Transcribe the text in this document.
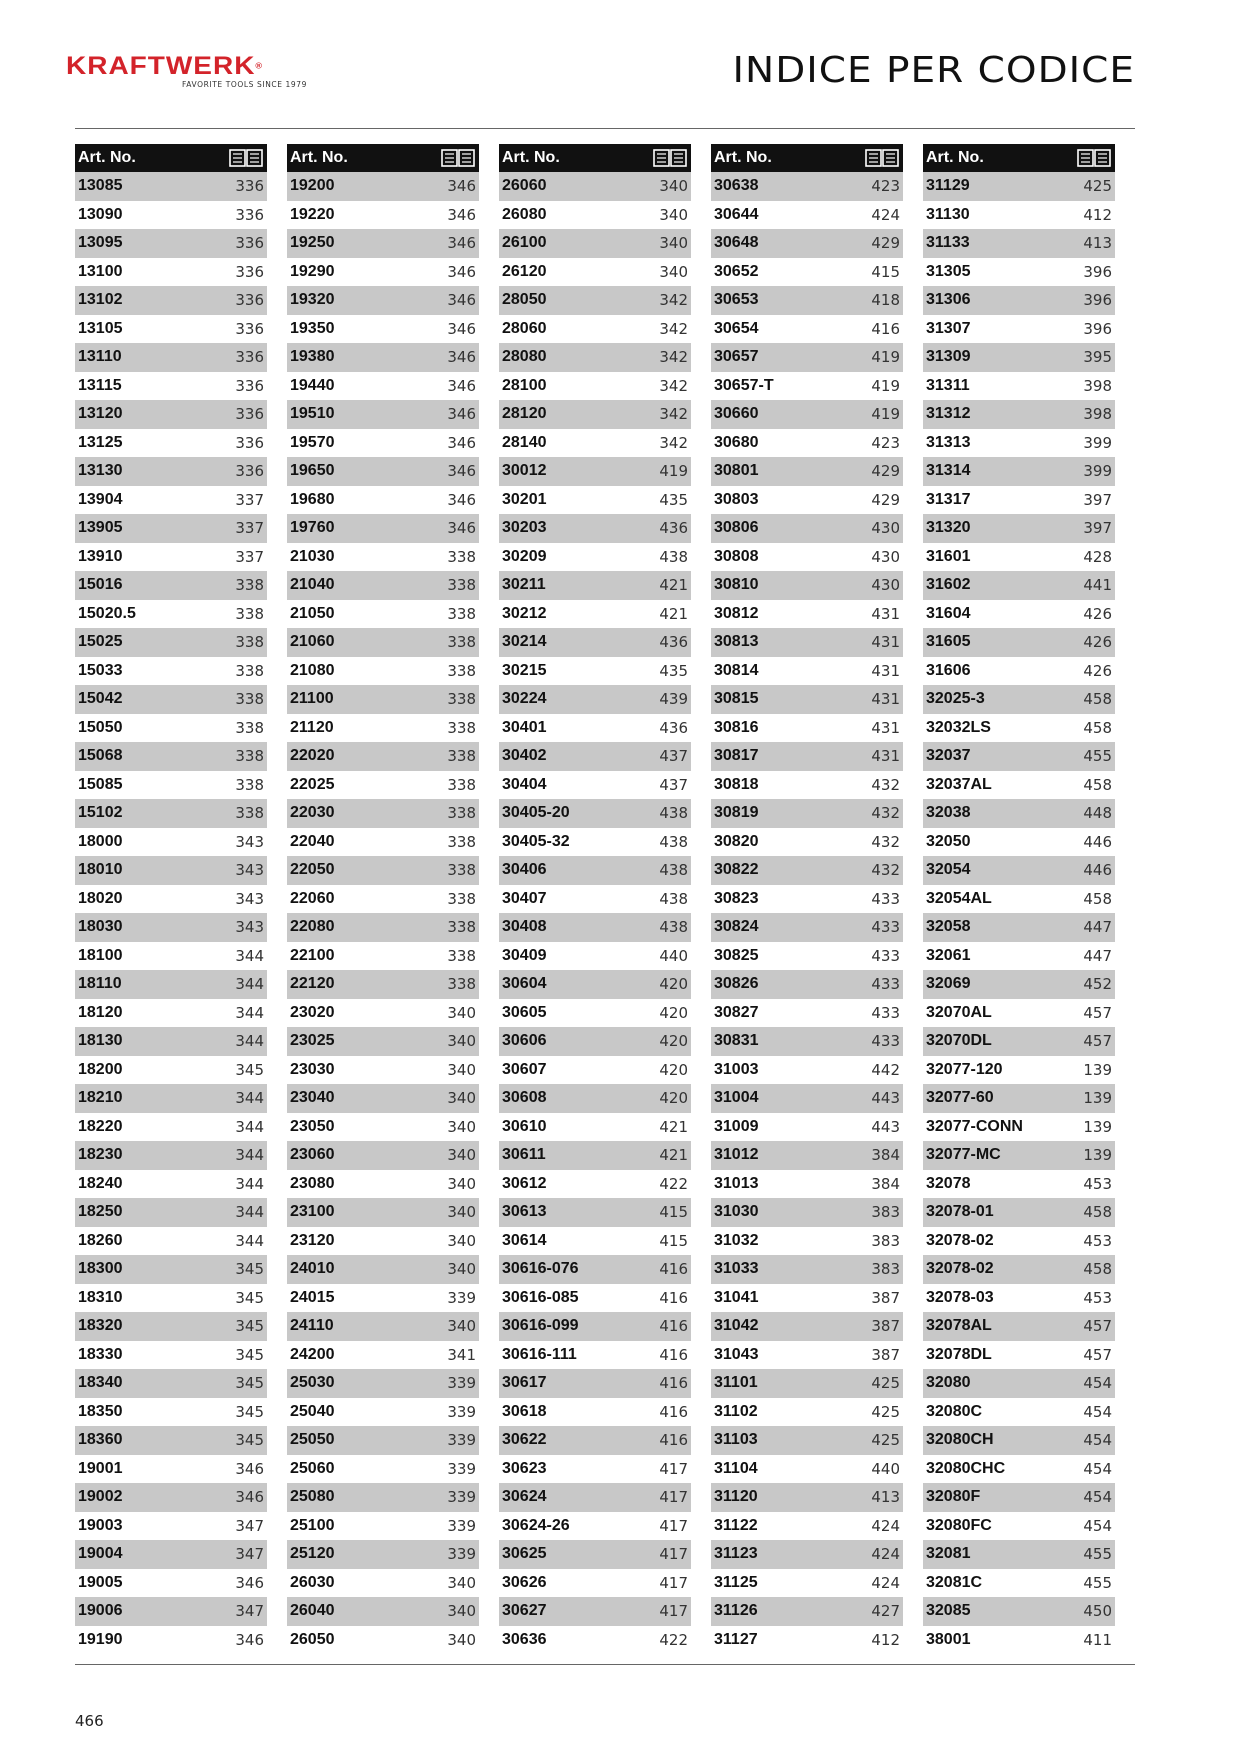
KRAFTWERK®
FAVORITE TOOLS SINCE 1979	INDICE PER CODICE
Art. No.
13085	336
13090	336
13095	336
13100	336
13102	336
13105	336
13110	336
13115	336
13120	336
13125	336
13130	336
13904	337
13905	337
13910	337
15016	338
15020.5	338
15025	338
15033	338
15042	338
15050	338
15068	338
15085	338
15102	338
18000	343
18010	343
18020	343
18030	343
18100	344
18110	344
18120	344
18130	344
18200	345
18210	344
18220	344
18230	344
18240	344
18250	344
18260	344
18300	345
18310	345
18320	345
18330	345
18340	345
18350	345
18360	345
19001	346
19002	346
19003	347
19004	347
19005	346
19006	347
19190	346
Art. No.
19200	346
19220	346
19250	346
19290	346
19320	346
19350	346
19380	346
19440	346
19510	346
19570	346
19650	346
19680	346
19760	346
21030	338
21040	338
21050	338
21060	338
21080	338
21100	338
21120	338
22020	338
22025	338
22030	338
22040	338
22050	338
22060	338
22080	338
22100	338
22120	338
23020	340
23025	340
23030	340
23040	340
23050	340
23060	340
23080	340
23100	340
23120	340
24010	340
24015	339
24110	340
24200	341
25030	339
25040	339
25050	339
25060	339
25080	339
25100	339
25120	339
26030	340
26040	340
26050	340
Art. No.
26060	340
26080	340
26100	340
26120	340
28050	342
28060	342
28080	342
28100	342
28120	342
28140	342
30012	419
30201	435
30203	436
30209	438
30211	421
30212	421
30214	436
30215	435
30224	439
30401	436
30402	437
30404	437
30405-20	438
30405-32	438
30406	438
30407	438
30408	438
30409	440
30604	420
30605	420
30606	420
30607	420
30608	420
30610	421
30611	421
30612	422
30613	415
30614	415
30616-076	416
30616-085	416
30616-099	416
30616-111	416
30617	416
30618	416
30622	416
30623	417
30624	417
30624-26	417
30625	417
30626	417
30627	417
30636	422
Art. No.
30638	423
30644	424
30648	429
30652	415
30653	418
30654	416
30657	419
30657-T	419
30660	419
30680	423
30801	429
30803	429
30806	430
30808	430
30810	430
30812	431
30813	431
30814	431
30815	431
30816	431
30817	431
30818	432
30819	432
30820	432
30822	432
30823	433
30824	433
30825	433
30826	433
30827	433
30831	433
31003	442
31004	443
31009	443
31012	384
31013	384
31030	383
31032	383
31033	383
31041	387
31042	387
31043	387
31101	425
31102	425
31103	425
31104	440
31120	413
31122	424
31123	424
31125	424
31126	427
31127	412
Art. No.
31129	425
31130	412
31133	413
31305	396
31306	396
31307	396
31309	395
31311	398
31312	398
31313	399
31314	399
31317	397
31320	397
31601	428
31602	441
31604	426
31605	426
31606	426
32025-3	458
32032LS	458
32037	455
32037AL	458
32038	448
32050	446
32054	446
32054AL	458
32058	447
32061	447
32069	452
32070AL	457
32070DL	457
32077-120	139
32077-60	139
32077-CONN	139
32077-MC	139
32078	453
32078-01	458
32078-02	453
32078-02	458
32078-03	453
32078AL	457
32078DL	457
32080	454
32080C	454
32080CH	454
32080CHC	454
32080F	454
32080FC	454
32081	455
32081C	455
32085	450
38001	411
466
